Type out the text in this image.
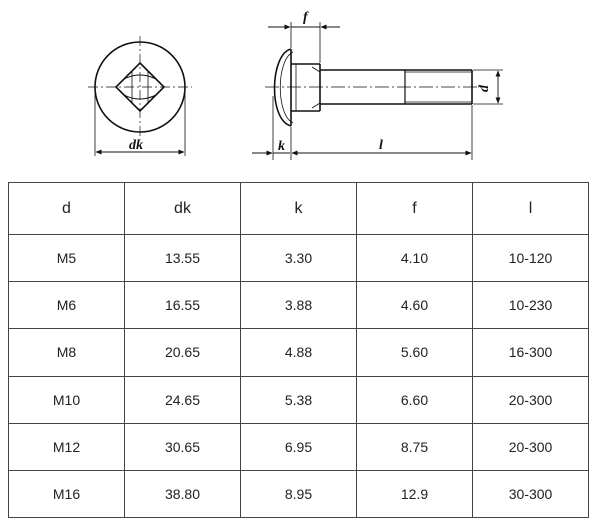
dk
f
k	l
d
d	dk	k	f	l
M5	13.55	3.30	4.10	10-120
M6	16.55	3.88	4.60	10-230
M8	20.65	4.88	5.60	16-300
M10	24.65	5.38	6.60	20-300
M12	30.65	6.95	8.75	20-300
M16	38.80	8.95	12.9	30-300
